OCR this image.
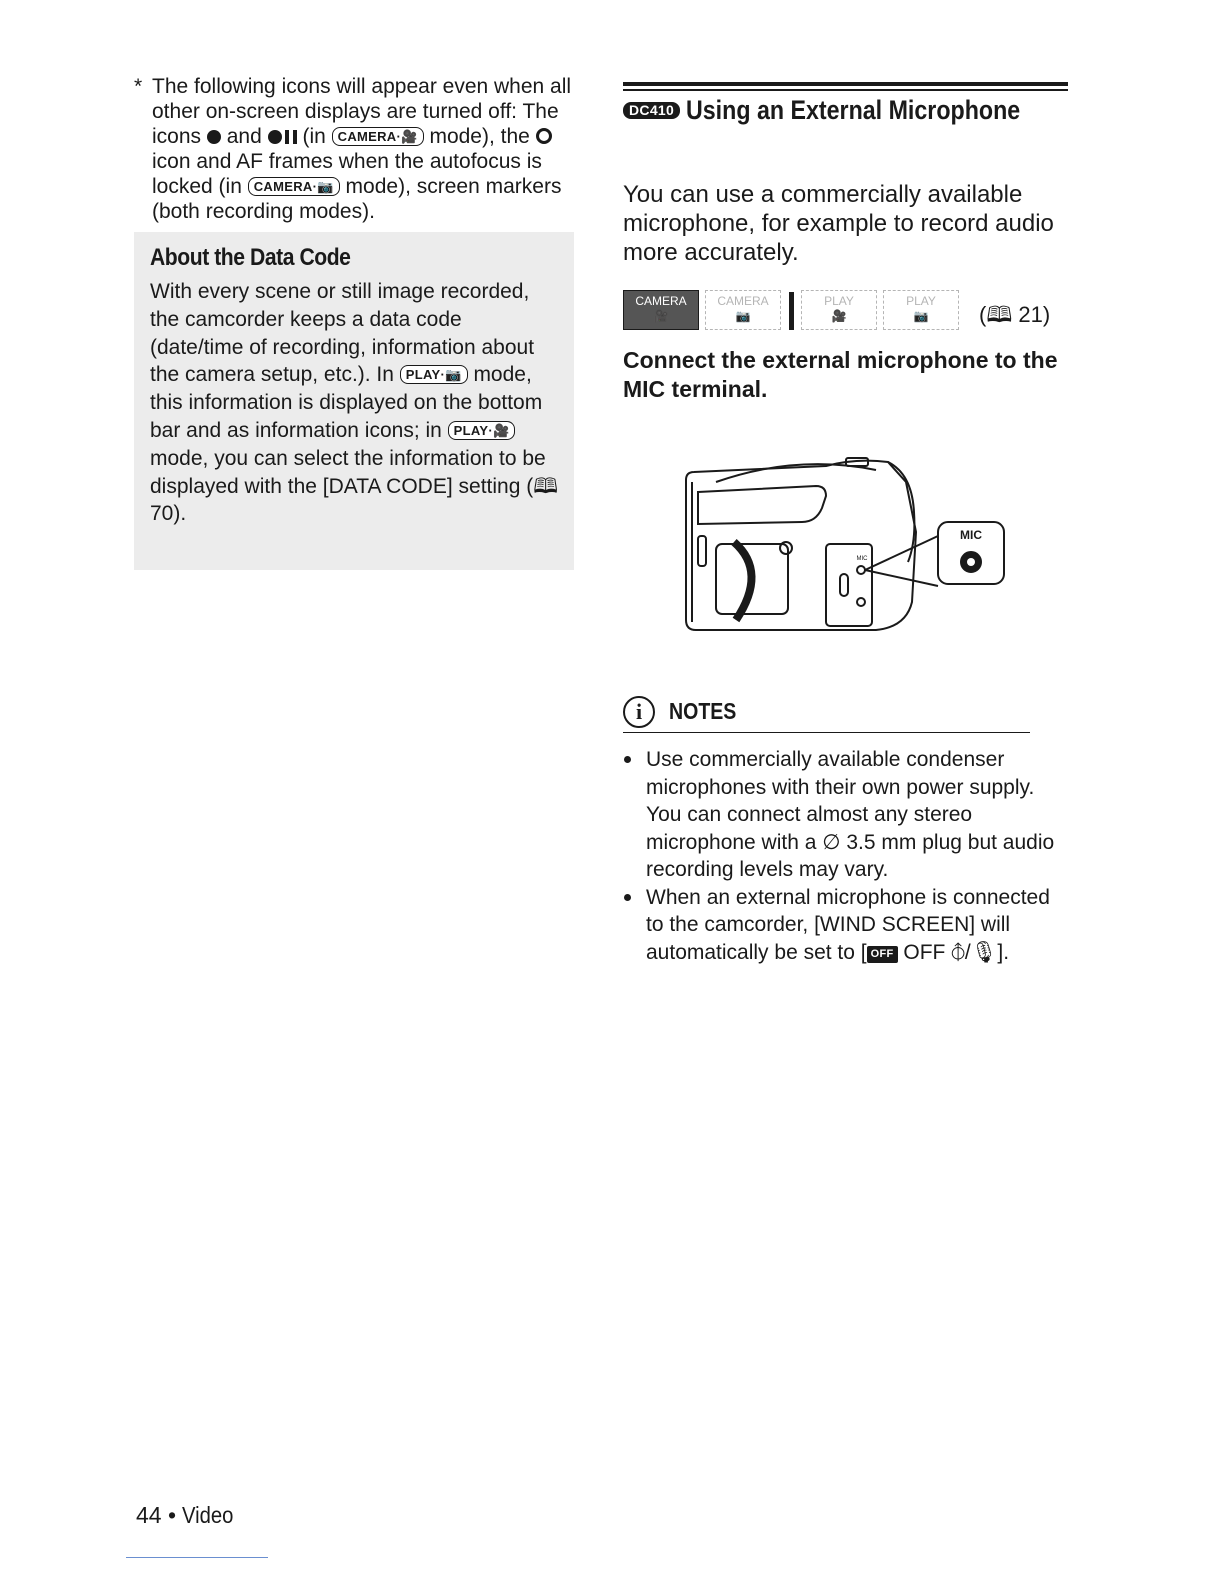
* The following icons will appear even when all other on-screen displays are turned off: The icons and (in CAMERA·🎥 mode), the  icon and AF frames when the autofocus is locked (in CAMERA·📷 mode), screen markers (both recording modes).
About the Data Code
With every scene or still image recorded, the camcorder keeps a data code (date/time of recording, information about the camera setup, etc.). In PLAY·📷 mode, this information is displayed on the bottom bar and as information icons; in PLAY·🎥 mode, you can select the information to be displayed with the [DATA CODE] setting (🕮 70).
DC410 Using an External Microphone
You can use a commercially available microphone, for example to record audio more accurately.
CAMERA
🎥
CAMERA
📷
PLAY
🎥
PLAY
📷	(🕮 21)
Connect the external microphone to the MIC terminal.
MIC
MIC
i	NOTES
Use commercially available condenser microphones with their own power supply. You can connect almost any stereo microphone with a ∅ 3.5 mm plug but audio recording levels may vary.
When an external microphone is connected to the camcorder, [WIND SCREEN] will automatically be set to [ OFF OFF ⦽/🎙︎].
44 • Video
